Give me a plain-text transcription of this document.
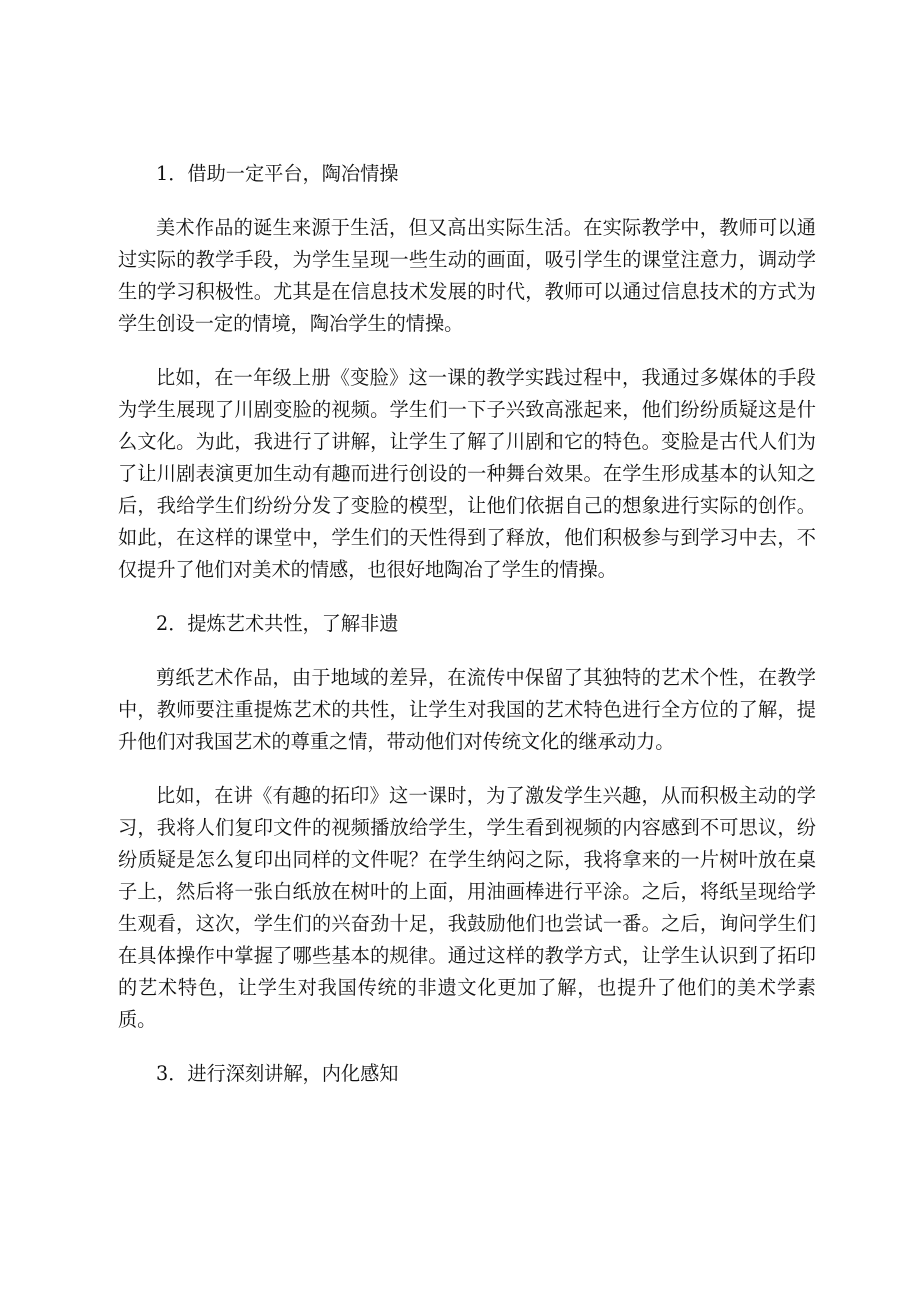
1．借助一定平台，陶冶情操

美术作品的诞生来源于生活，但又高出实际生活。在实际教学中，教师可以通过实际的教学手段，为学生呈现一些生动的画面，吸引学生的课堂注意力，调动学生的学习积极性。尤其是在信息技术发展的时代，教师可以通过信息技术的方式为学生创设一定的情境，陶冶学生的情操。

比如，在一年级上册《变脸》这一课的教学实践过程中，我通过多媒体的手段为学生展现了川剧变脸的视频。学生们一下子兴致高涨起来，他们纷纷质疑这是什么文化。为此，我进行了讲解，让学生了解了川剧和它的特色。变脸是古代人们为了让川剧表演更加生动有趣而进行创设的一种舞台效果。在学生形成基本的认知之后，我给学生们纷纷分发了变脸的模型，让他们依据自己的想象进行实际的创作。如此，在这样的课堂中，学生们的天性得到了释放，他们积极参与到学习中去，不仅提升了他们对美术的情感，也很好地陶冶了学生的情操。

2．提炼艺术共性，了解非遗

剪纸艺术作品，由于地域的差异，在流传中保留了其独特的艺术个性，在教学中，教师要注重提炼艺术的共性，让学生对我国的艺术特色进行全方位的了解，提升他们对我国艺术的尊重之情，带动他们对传统文化的继承动力。

比如，在讲《有趣的拓印》这一课时，为了激发学生兴趣，从而积极主动的学习，我将人们复印文件的视频播放给学生，学生看到视频的内容感到不可思议，纷纷质疑是怎么复印出同样的文件呢？在学生纳闷之际，我将拿来的一片树叶放在桌子上，然后将一张白纸放在树叶的上面，用油画棒进行平涂。之后，将纸呈现给学生观看，这次，学生们的兴奋劲十足，我鼓励他们也尝试一番。之后，询问学生们在具体操作中掌握了哪些基本的规律。通过这样的教学方式，让学生认识到了拓印的艺术特色，让学生对我国传统的非遗文化更加了解，也提升了他们的美术学素质。

3．进行深刻讲解，内化感知
